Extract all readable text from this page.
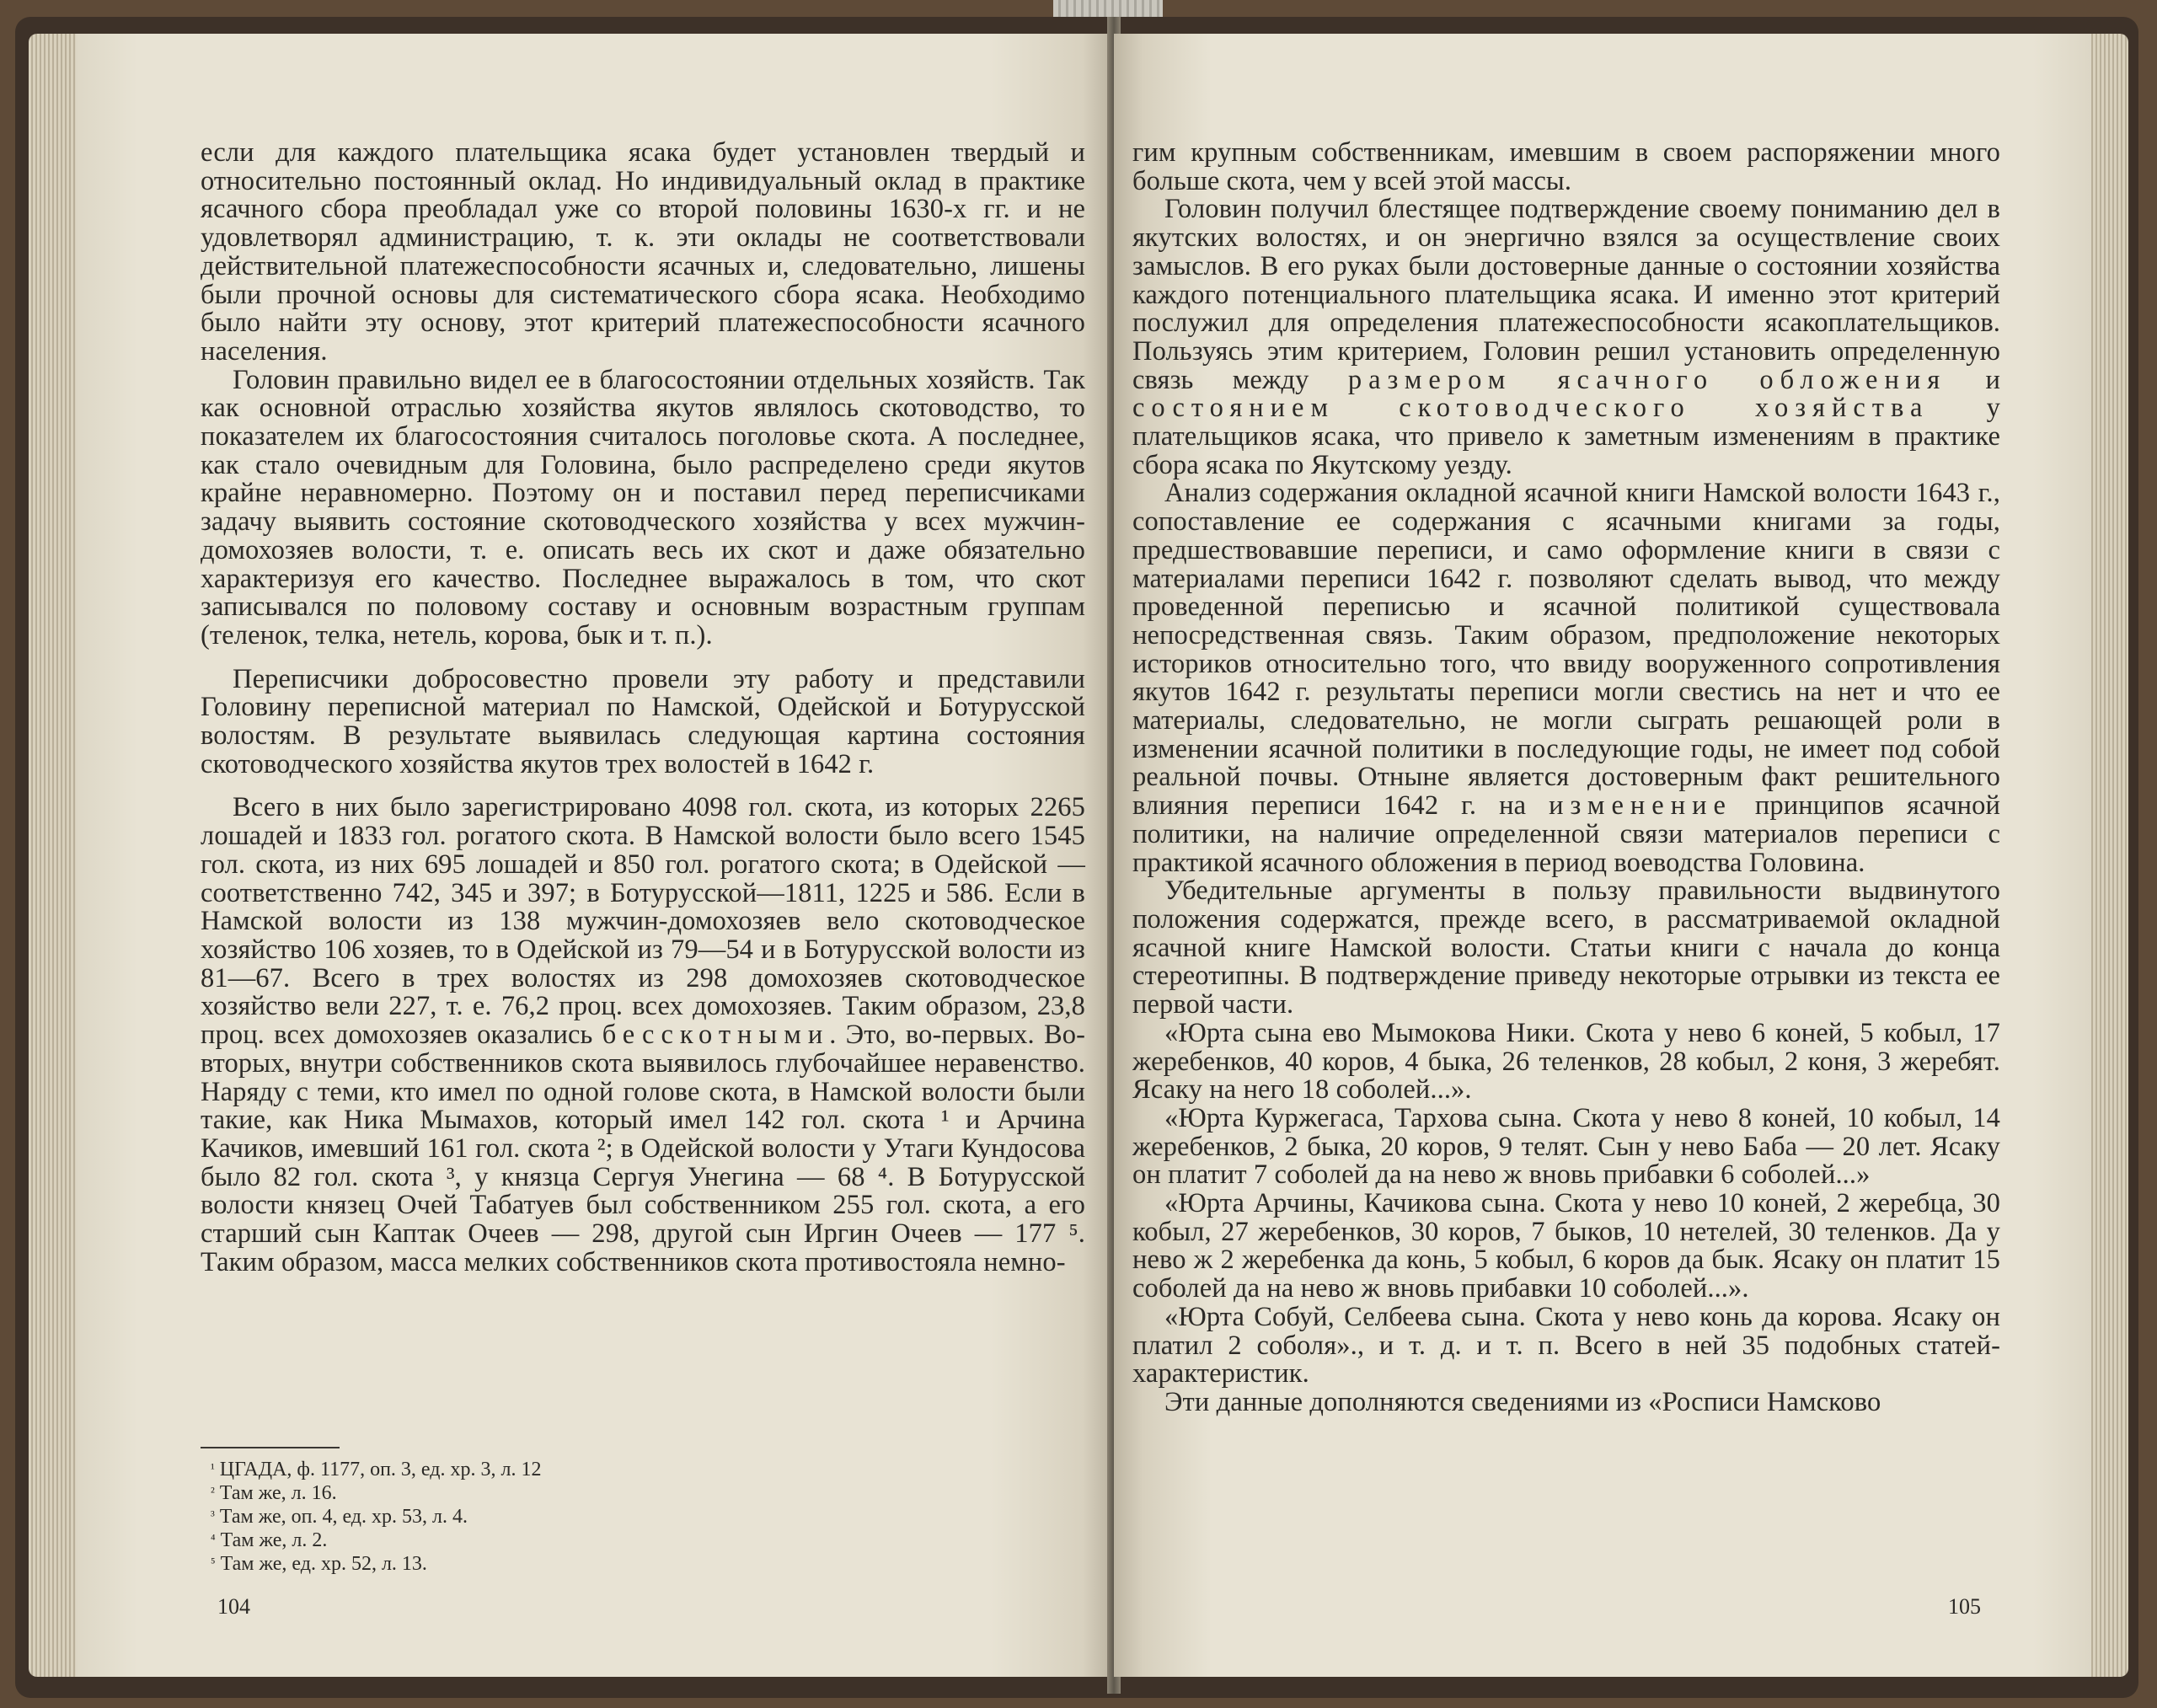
если для каждого плательщика ясака будет установлен твердый и относительно постоянный оклад. Но индивидуальный оклад в практике ясачного сбора преобладал уже со второй половины 1630-х гг. и не удовлетворял администрацию, т. к. эти оклады не соответствовали действительной платежеспособности ясачных и, следовательно, лишены были прочной основы для систематического сбора ясака. Необходимо было найти эту основу, этот критерий платежеспособности ясачного населения.

Головин правильно видел ее в благосостоянии отдельных хозяйств. Так как основной отраслью хозяйства якутов являлось скотоводство, то показателем их благосостояния считалось поголовье скота. А последнее, как стало очевидным для Головина, было распределено среди якутов крайне неравномерно. Поэтому он и поставил перед переписчиками задачу выявить состояние скотоводческого хозяйства у всех мужчин-домохозяев волости, т. е. описать весь их скот и даже обязательно характеризуя его качество. Последнее выражалось в том, что скот записывался по половому составу и основным возрастным группам (теленок, телка, нетель, корова, бык и т. п.).

Переписчики добросовестно провели эту работу и представили Головину переписной материал по Намской, Одейской и Ботурусской волостям. В результате выявилась следующая картина состояния скотоводческого хозяйства якутов трех волостей в 1642 г.

Всего в них было зарегистрировано 4098 гол. скота, из которых 2265 лошадей и 1833 гол. рогатого скота. В Намской волости было всего 1545 гол. скота, из них 695 лошадей и 850 гол. рогатого скота; в Одейской — соответственно 742, 345 и 397; в Ботурусской—1811, 1225 и 586. Если в Намской волости из 138 мужчин-домохозяев вело скотоводческое хозяйство 106 хозяев, то в Одейской из 79—54 и в Ботурусской волости из 81—67. Всего в трех волостях из 298 домохозяев скотоводческое хозяйство вели 227, т. е. 76,2 проц. всех домохозяев. Таким образом, 23,8 проц. всех домохозяев оказались бесскотными. Это, во-первых. Во-вторых, внутри собственников скота выявилось глубочайшее неравенство. Наряду с теми, кто имел по одной голове скота, в Намской волости были такие, как Ника Мымахов, который имел 142 гол. скота ¹ и Арчина Качиков, имевший 161 гол. скота ²; в Одейской волости у Утаги Кундосова было 82 гол. скота ³, у князца Сергуя Унегина — 68 ⁴. В Ботурусской волости князец Очей Табатуев был собственником 255 гол. скота, а его старший сын Каптак Очеев — 298, другой сын Иргин Очеев — 177 ⁵. Таким образом, масса мелких собственников скота противостояла немно-

$^{^1}$ ЦГАДА, ф. 1177, оп. 3, ед. хр. 3, л. 12
$^{^2}$ Там же, л. 16.
$^{^3}$ Там же, оп. 4, ед. хр. 53, л. 4.
$^{^4}$ Там же, л. 2.
$^{^5}$ Там же, ед. хр. 52, л. 13.
104

гим крупным собственникам, имевшим в своем распоряжении много больше скота, чем у всей этой массы.

Головин получил блестящее подтверждение своему пониманию дел в якутских волостях, и он энергично взялся за осуществление своих замыслов. В его руках были достоверные данные о состоянии хозяйства каждого потенциального плательщика ясака. И именно этот критерий послужил для определения платежеспособности ясакоплательщиков. Пользуясь этим критерием, Головин решил установить определенную связь между размером ясачного обложения и состоянием скотоводческого хозяйства у плательщиков ясака, что привело к заметным изменениям в практике сбора ясака по Якутскому уезду.

Анализ содержания окладной ясачной книги Намской волости 1643 г., сопоставление ее содержания с ясачными книгами за годы, предшествовавшие переписи, и само оформление книги в связи с материалами переписи 1642 г. позволяют сделать вывод, что между проведенной переписью и ясачной политикой существовала непосредственная связь. Таким образом, предположение некоторых историков относительно того, что ввиду вооруженного сопротивления якутов 1642 г. результаты переписи могли свестись на нет и что ее материалы, следовательно, не могли сыграть решающей роли в изменении ясачной политики в последующие годы, не имеет под собой реальной почвы. Отныне является достоверным факт решительного влияния переписи 1642 г. на изменение принципов ясачной политики, на наличие определенной связи материалов переписи с практикой ясачного обложения в период воеводства Головина.

Убедительные аргументы в пользу правильности выдвинутого положения содержатся, прежде всего, в рассматриваемой окладной ясачной книге Намской волости. Статьи книги с начала до конца стереотипны. В подтверждение приведу некоторые отрывки из текста ее первой части.

«Юрта сына ево Мымокова Ники. Скота у нево 6 коней, 5 кобыл, 17 жеребенков, 40 коров, 4 быка, 26 теленков, 28 кобыл, 2 коня, 3 жеребят. Ясаку на него 18 соболей...».

«Юрта Куржегаса, Тархова сына. Скота у нево 8 коней, 10 кобыл, 14 жеребенков, 2 быка, 20 коров, 9 телят. Сын у нево Баба — 20 лет. Ясаку он платит 7 соболей да на нево ж вновь прибавки 6 соболей...»

«Юрта Арчины, Качикова сына. Скота у нево 10 коней, 2 жеребца, 30 кобыл, 27 жеребенков, 30 коров, 7 быков, 10 нетелей, 30 теленков. Да у нево ж 2 жеребенка да конь, 5 кобыл, 6 коров да бык. Ясаку он платит 15 соболей да на нево ж вновь прибавки 10 соболей...».

«Юрта Собуй, Селбеева сына. Скота у нево конь да корова. Ясаку он платил 2 соболя»., и т. д. и т. п. Всего в ней 35 подобных статей-характеристик.

Эти данные дополняются сведениями из «Росписи Намсково

105
